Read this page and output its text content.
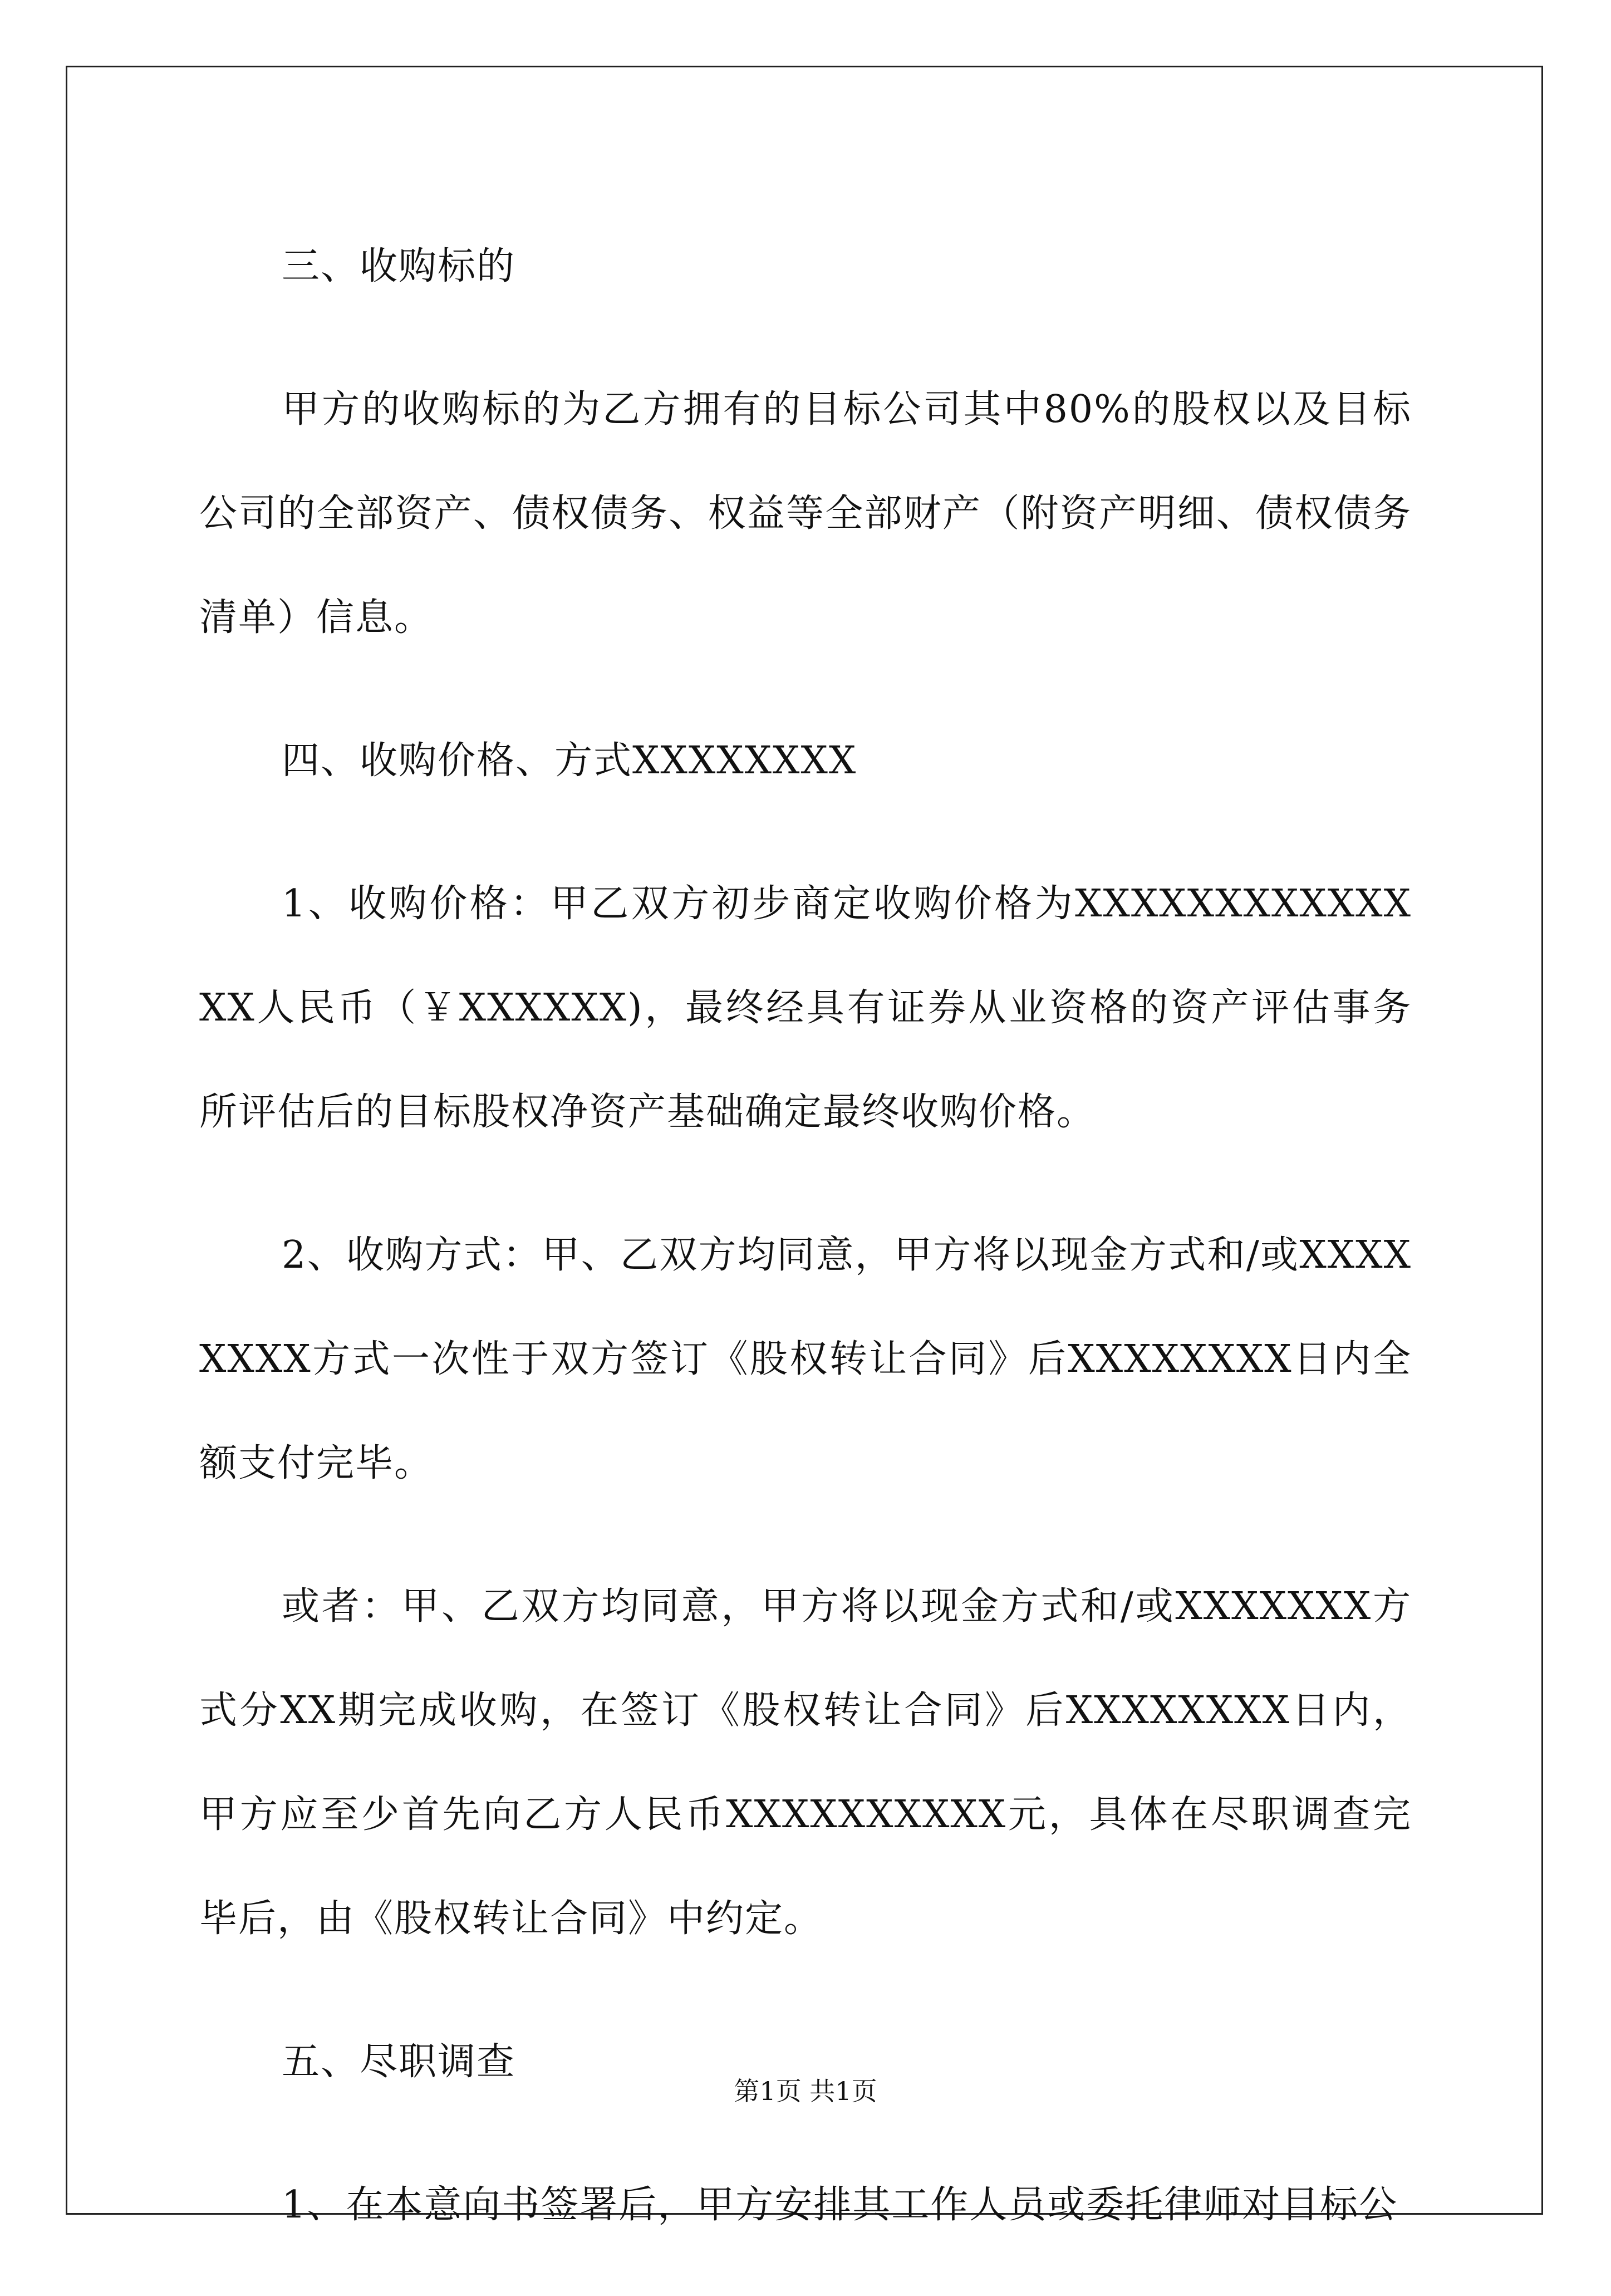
三、收购标的

甲方的收购标的为乙方拥有的目标公司其中80%的股权以及目标公司的全部资产、债权债务、权益等全部财产（附资产明细、债权债务清单）信息。

四、收购价格、方式XXXXXXXX

1、收购价格：甲乙双方初步商定收购价格为XXXXXXXXXXXXXX人民币（￥XXXXXX)，最终经具有证券从业资格的资产评估事务所评估后的目标股权净资产基础确定最终收购价格。

2、收购方式：甲、乙双方均同意，甲方将以现金方式和/或XXXXXXXX方式一次性于双方签订《股权转让合同》后XXXXXXXX日内全额支付完毕。

或者：甲、乙双方均同意，甲方将以现金方式和/或XXXXXXX方式分XX期完成收购，在签订《股权转让合同》后XXXXXXXX日内，甲方应至少首先向乙方人民币XXXXXXXXXX元，具体在尽职调查完毕后，由《股权转让合同》中约定。

五、尽职调查

1、在本意向书签署后，甲方安排其工作人员或委托律师对目标公

第1页 共1页
